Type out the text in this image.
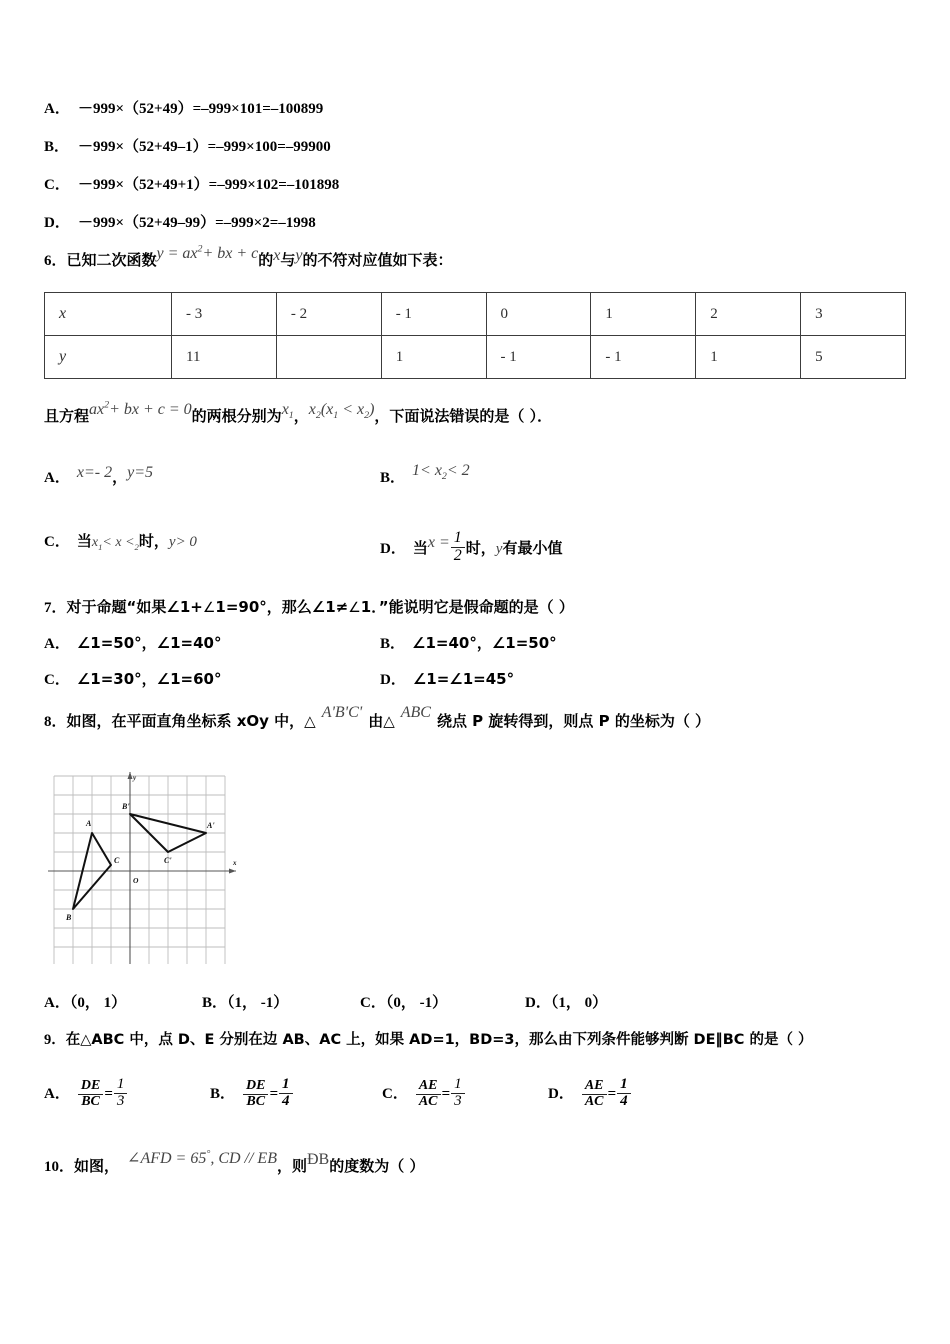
A． －999×（52+49）=–999×101=–100899
B． －999×（52+49–1）=–999×100=–99900
C． －999×（52+49+1）=–999×102=–101898
D． －999×（52+49–99）=–999×2=–1998
6．已知二次函数$y = ax^2+$ bx + c的x与y的不符对应值如下表：
x	- 3	- 2	- 1	0	1	2	3
y	11		1	- 1	- 1	1	5
且方程$ax^2+$ bx + c = 0的两根分别为$x_1$，$x_2(x_1 < x_2)$，下面说法错误的是（ ）．
A． x=- 2，y=5	B． $1< x_2< 2$
C． 当$x_1< x <_2$时，y> 0	D． 当$x = \frac{1}{2}$ 时，y有最小值
7．对于命题“如果∠1+∠1=90°，那么∠1≠∠1．”能说明它是假命题的是（ ）
A． ∠1=50°，∠1=40°	B． ∠1=40°，∠1=50°
C． ∠1=30°，∠1=60°	D． ∠1=∠1=45°
8．如图，在平面直角坐标系 xOy 中，△ A'B'C' 由△ ABC 绕点 P 旋转得到，则点 P 的坐标为（ ）
x
y
O
A
B
C
B'
A'
C'
A．（0， 1）	B．（1， -1）	C．（0， -1）	D．（1， 0）
9．在△ABC 中，点 D、E 分别在边 AB、AC 上，如果 AD=1，BD=3，那么由下列条件能够判断 DE∥BC 的是（ ）
A． $\frac{DE}{BC} = \frac{1}{3}$	B． $\frac{DE}{BC} = \frac{1}{4}$	C． $\frac{AE}{AC} = \frac{1}{3}$	D． $\frac{AE}{AC} = \frac{1}{4}$
10．如图， ∠AFD = 65°, CD // EB，则ĐB的度数为（ ）
